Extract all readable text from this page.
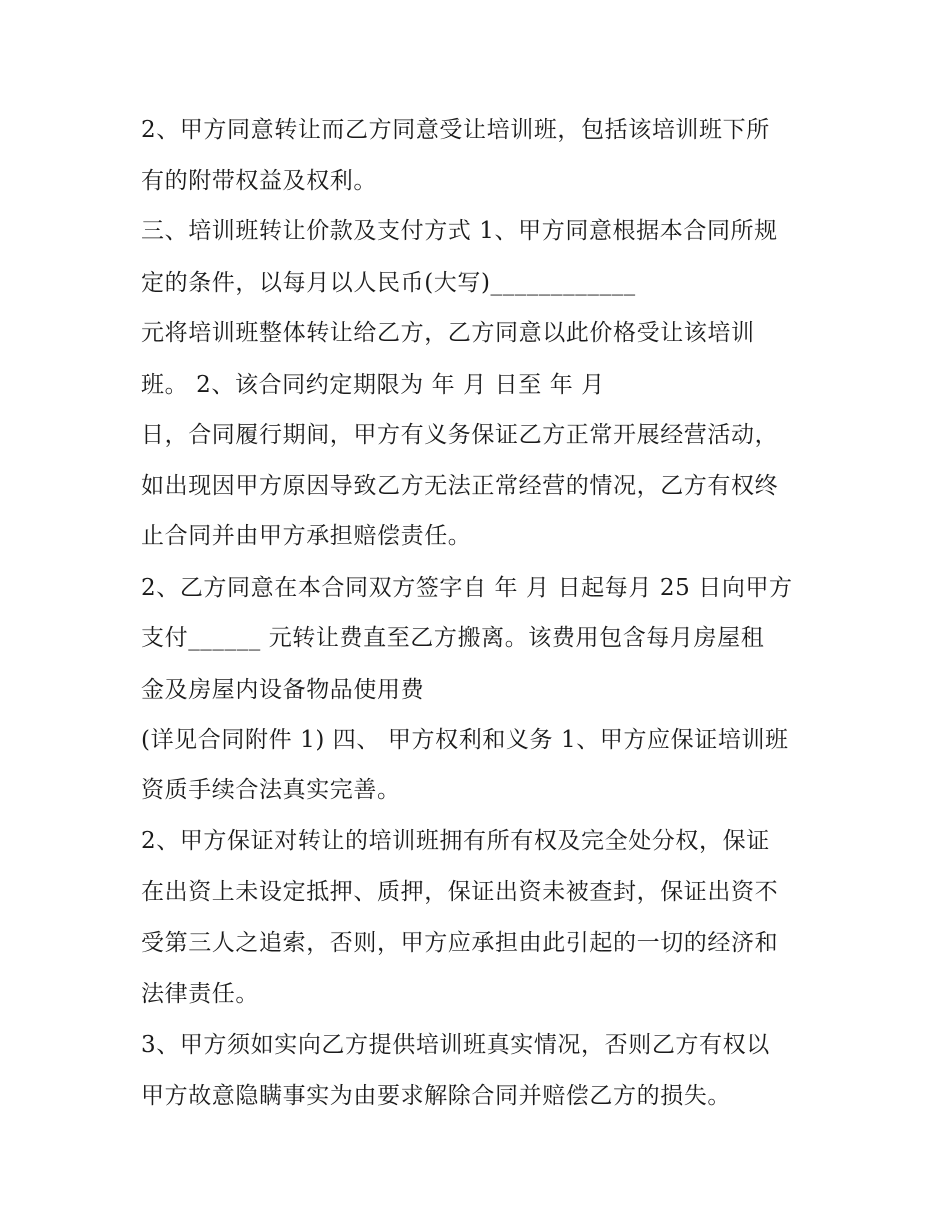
2、甲方同意转让而乙方同意受让培训班，包括该培训班下所
有的附带权益及权利。
三、培训班转让价款及支付方式 1、甲方同意根据本合同所规
定的条件，以每月以人民币(大写)____________
元将培训班整体转让给乙方，乙方同意以此价格受让该培训
班。 2、该合同约定期限为 年 月 日至 年 月
日，合同履行期间，甲方有义务保证乙方正常开展经营活动，
如出现因甲方原因导致乙方无法正常经营的情况，乙方有权终
止合同并由甲方承担赔偿责任。
2、乙方同意在本合同双方签字自 年 月 日起每月 25 日向甲方
支付______ 元转让费直至乙方搬离。该费用包含每月房屋租
金及房屋内设备物品使用费
(详见合同附件 1) 四、 甲方权利和义务 1、甲方应保证培训班
资质手续合法真实完善。
2、甲方保证对转让的培训班拥有所有权及完全处分权，保证
在出资上未设定抵押、质押，保证出资未被查封，保证出资不
受第三人之追索，否则，甲方应承担由此引起的一切的经济和
法律责任。
3、甲方须如实向乙方提供培训班真实情况，否则乙方有权以
甲方故意隐瞒事实为由要求解除合同并赔偿乙方的损失。
